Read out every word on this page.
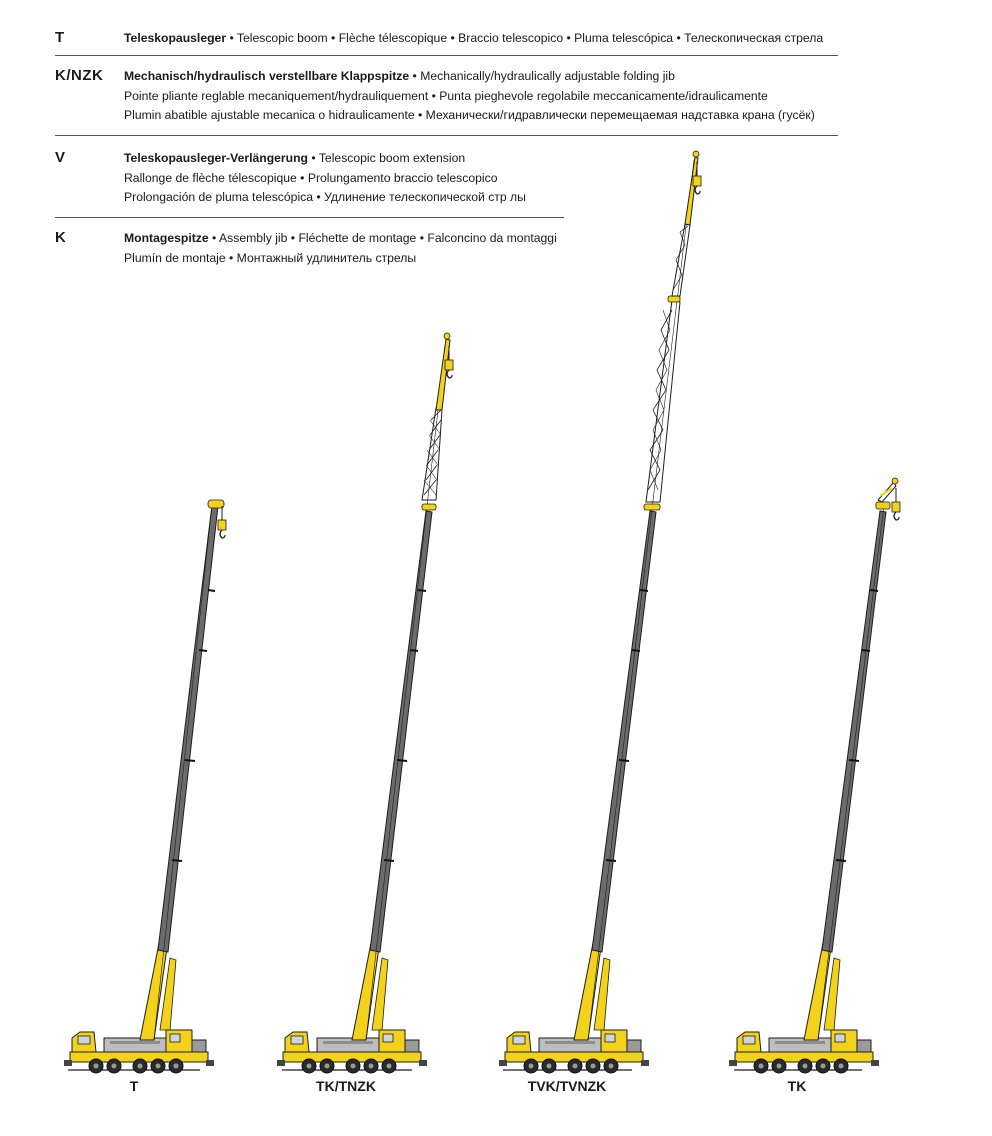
T	Teleskopausleger • Telescopic boom • Flèche télescopique • Braccio telescopico • Pluma telescópica • Телескопическая стрела
K/NZK Mechanisch/hydraulisch verstellbare Klappspitze • Mechanically/hydraulically adjustable folding jib
Pointe pliante reglable mecaniquement/hydrauliquement • Punta pieghevole regolabile meccanicamente/idraulicamente
Plumin abatible ajustable mecanica o hidraulicamente • Механически/гидравлически перемещаемая надставка крана (гусёк)
V	Teleskopausleger-Verlängerung • Telescopic boom extension
Rallonge de flèche télescopique • Prolungamento braccio telescopico
Prolongación de pluma telescópica • Удлинение телескопической стр лы
K	Montagespitze • Assembly jib • Fléchette de montage • Falconcino da montaggi
Plumín de montaje • Монтажный удлинитель стрелы
T	TK/TNZK	TVK/TVNZK	TK
